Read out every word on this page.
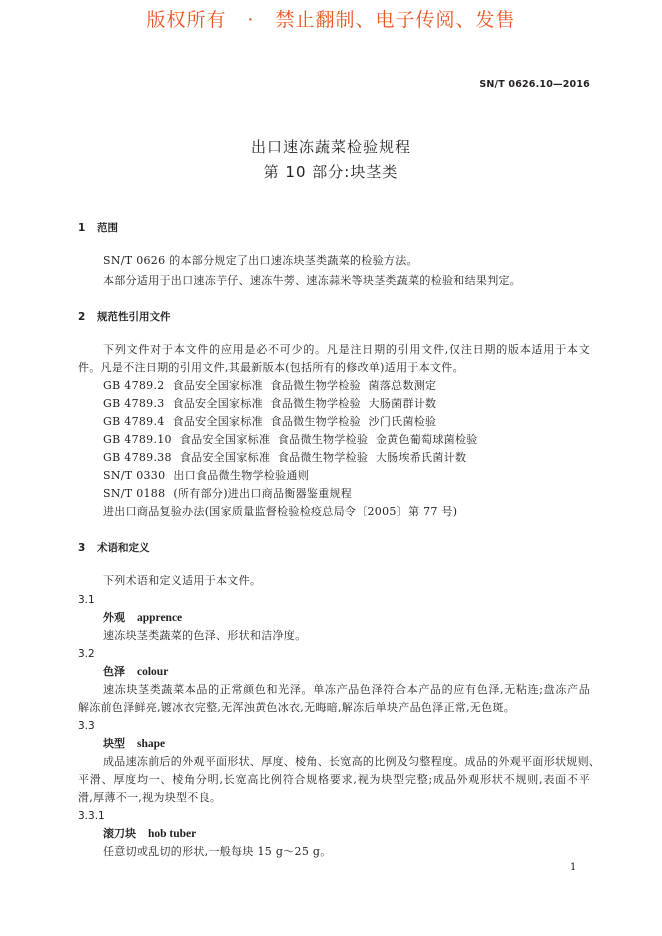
版权所有 · 禁止翻制、电子传阅、发售
SN/T 0626.10—2016
出口速冻蔬菜检验规程
第 10 部分:块茎类
1 范围
SN/T 0626 的本部分规定了出口速冻块茎类蔬菜的检验方法。
本部分适用于出口速冻芋仔、速冻牛蒡、速冻蒜米等块茎类蔬菜的检验和结果判定。
2 规范性引用文件
下列文件对于本文件的应用是必不可少的。凡是注日期的引用文件,仅注日期的版本适用于本文
件。凡是不注日期的引用文件,其最新版本(包括所有的修改单)适用于本文件。
GB 4789.2 食品安全国家标准  食品微生物学检验  菌落总数测定
GB 4789.3 食品安全国家标准  食品微生物学检验  大肠菌群计数
GB 4789.4 食品安全国家标准  食品微生物学检验  沙门氏菌检验
GB 4789.10 食品安全国家标准  食品微生物学检验  金黄色葡萄球菌检验
GB 4789.38 食品安全国家标准  食品微生物学检验  大肠埃希氏菌计数
SN/T 0330 出口食品微生物学检验通则
SN/T 0188 (所有部分)进出口商品衡器鉴重规程
进出口商品复验办法(国家质量监督检验检疫总局令〔2005〕第 77 号)
3 术语和定义
下列术语和定义适用于本文件。
3.1
外观 apprence
速冻块茎类蔬菜的色泽、形状和洁净度。
3.2
色泽 colour
速冻块茎类蔬菜本品的正常颜色和光泽。单冻产品色泽符合本产品的应有色泽,无粘连;盘冻产品
解冻前色泽鲜亮,镀冰衣完整,无浑浊黄色冰衣,无晦暗,解冻后单块产品色泽正常,无色斑。
3.3
块型 shape
成品速冻前后的外观平面形状、厚度、棱角、长宽高的比例及匀整程度。成品的外观平面形状规则、
平滑、厚度均一、棱角分明,长宽高比例符合规格要求,视为块型完整;成品外观形状不规则,表面不平
滑,厚薄不一,视为块型不良。
3.3.1
滚刀块 hob tuber
任意切或乱切的形状,一般每块 15 g～25 g。
1
